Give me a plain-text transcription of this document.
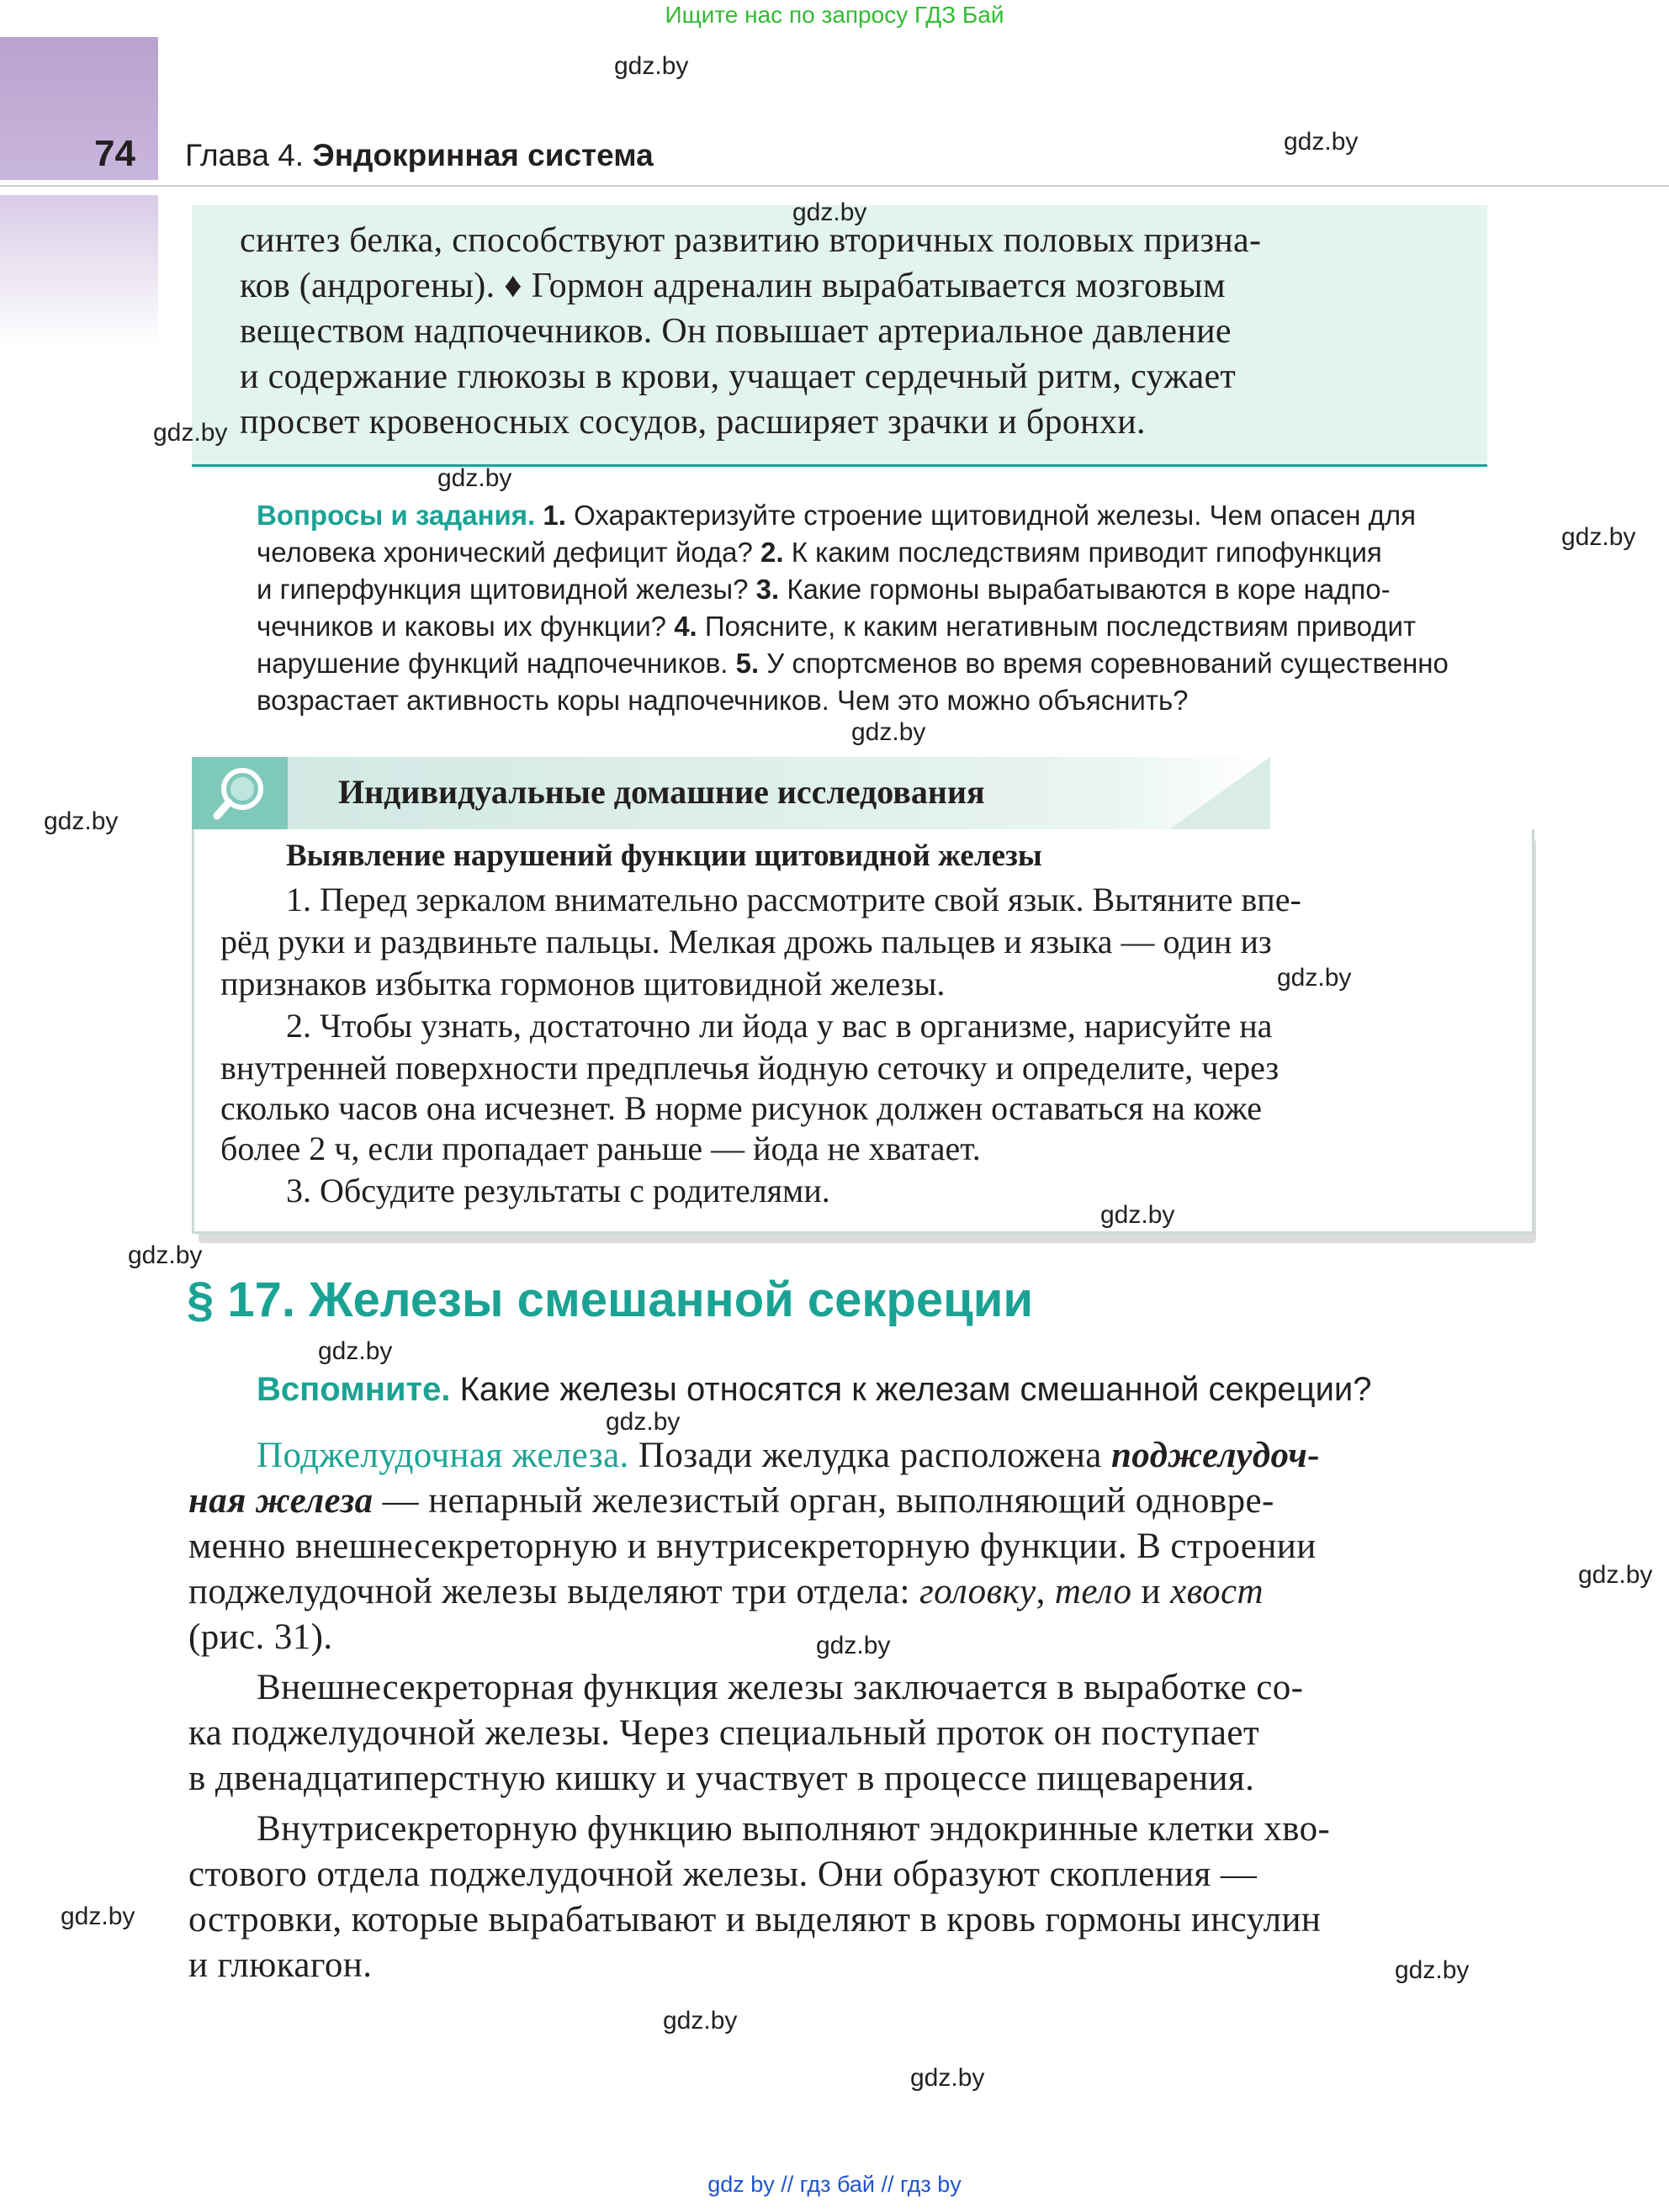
Ищите нас по запросу ГДЗ Бай
74 Глава 4. Эндокринная система
синтез белка, способствуют развитию вторичных половых призна-
ков (андрогены). ♦ Гормон адреналин вырабатывается мозговым
веществом надпочечников. Он повышает артериальное давление
и содержание глюкозы в крови, учащает сердечный ритм, сужает
просвет кровеносных сосудов, расширяет зрачки и бронхи.
Вопросы и задания. 1. Охарактеризуйте строение щитовидной железы. Чем опасен для
человека хронический дефицит йода? 2. К каким последствиям приводит гипофункция
и гиперфункция щитовидной железы? 3. Какие гормоны вырабатываются в коре надпо-
чечников и каковы их функции? 4. Поясните, к каким негативным последствиям приводит
нарушение функций надпочечников. 5. У спортсменов во время соревнований существенно
возрастает активность коры надпочечников. Чем это можно объяснить?
Индивидуальные домашние исследования
Выявление нарушений функции щитовидной железы
1. Перед зеркалом внимательно рассмотрите свой язык. Вытяните впе-
рёд руки и раздвиньте пальцы. Мелкая дрожь пальцев и языка — один из
признаков избытка гормонов щитовидной железы.
2. Чтобы узнать, достаточно ли йода у вас в организме, нарисуйте на
внутренней поверхности предплечья йодную сеточку и определите, через
сколько часов она исчезнет. В норме рисунок должен оставаться на коже
более 2 ч, если пропадает раньше — йода не хватает.
3. Обсудите результаты с родителями.
§ 17. Железы смешанной секреции
Вспомните. Какие железы относятся к железам смешанной секреции?
Поджелудочная железа. Позади желудка расположена поджелудоч-
ная железа — непарный железистый орган, выполняющий одновре-
менно внешнесекреторную и внутрисекреторную функции. В строении
поджелудочной железы выделяют три отдела: головку, тело и хвост
(рис. 31).
Внешнесекреторная функция железы заключается в выработке со-
ка поджелудочной железы. Через специальный проток он поступает
в двенадцатиперстную кишку и участвует в процессе пищеварения.
Внутрисекреторную функцию выполняют эндокринные клетки хво-
стового отдела поджелудочной железы. Они образуют скопления —
островки, которые вырабатывают и выделяют в кровь гормоны инсулин
и глюкагон.
gdz.by
gdz.by
gdz.by
gdz.by
gdz.by
gdz.by
gdz.by
gdz.by
gdz.by
gdz.by
gdz.by
gdz.by
gdz.by
gdz.by
gdz.by
gdz.by
gdz.by
gdz.by
gdz.by
gdz by // гдз бай // гдз by
